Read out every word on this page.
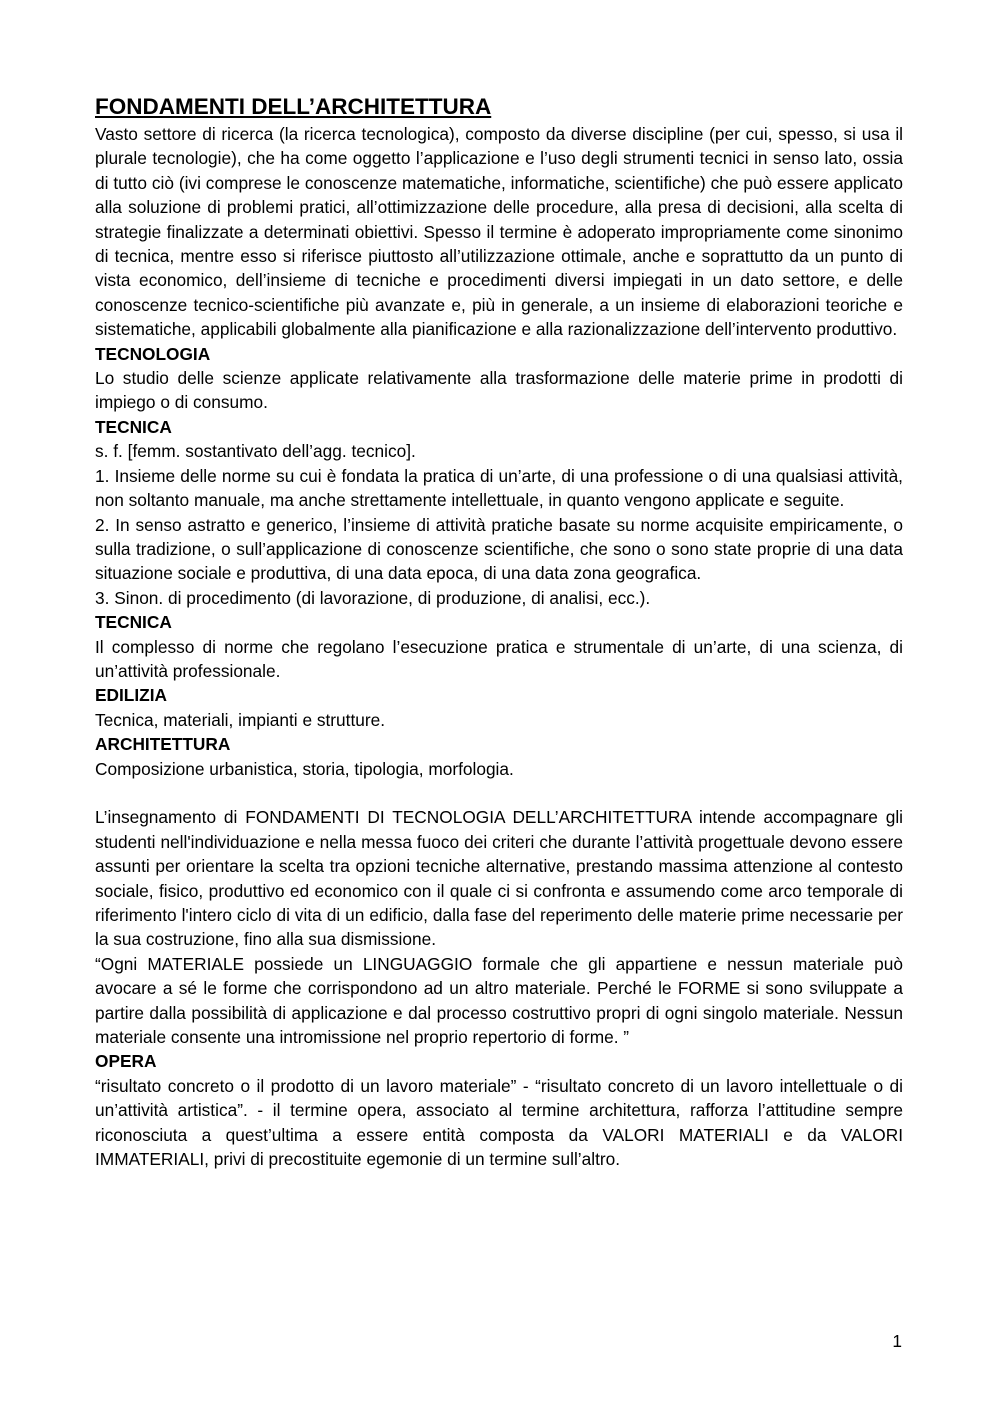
FONDAMENTI DELL’ARCHITETTURA

Vasto settore di ricerca (la ricerca tecnologica), composto da diverse discipline (per cui, spesso, si usa il plurale tecnologie), che ha come oggetto l’applicazione e l’uso degli strumenti tecnici in senso lato, ossia di tutto ciò (ivi comprese le conoscenze matematiche, informatiche, scientifiche) che può essere applicato alla soluzione di problemi pratici, all’ottimizzazione delle procedure, alla presa di decisioni, alla scelta di strategie finalizzate a determinati obiettivi. Spesso il termine è adoperato impropriamente come sinonimo di tecnica, mentre esso si riferisce piuttosto all’utilizzazione ottimale, anche e soprattutto da un punto di vista economico, dell’insieme di tecniche e procedimenti diversi impiegati in un dato settore, e delle conoscenze tecnico-scientifiche più avanzate e, più in generale, a un insieme di elaborazioni teoriche e sistematiche, applicabili globalmente alla pianificazione e alla razionalizzazione dell’intervento produttivo.

TECNOLOGIA

Lo studio delle scienze applicate relativamente alla trasformazione delle materie prime in prodotti di impiego o di consumo.

TECNICA

s. f. [femm. sostantivato dell’agg. tecnico].

1. Insieme delle norme su cui è fondata la pratica di un’arte, di una professione o di una qualsiasi attività, non soltanto manuale, ma anche strettamente intellettuale, in quanto vengono applicate e seguite.

2. In senso astratto e generico, l’insieme di attività pratiche basate su norme acquisite empiricamente, o sulla tradizione, o sull’applicazione di conoscenze scientifiche, che sono o sono state proprie di una data situazione sociale e produttiva, di una data epoca, di una data zona geografica.

3. Sinon. di procedimento (di lavorazione, di produzione, di analisi, ecc.).

TECNICA

Il complesso di norme che regolano l’esecuzione pratica e strumentale di un’arte, di una scienza, di un’attività professionale.

EDILIZIA

Tecnica, materiali, impianti e strutture.

ARCHITETTURA

Composizione urbanistica, storia, tipologia, morfologia.

L’insegnamento di FONDAMENTI DI TECNOLOGIA DELL’ARCHITETTURA intende accompagnare gli studenti nell'individuazione e nella messa fuoco dei criteri che durante l’attività progettuale devono essere assunti per orientare la scelta tra opzioni tecniche alternative, prestando massima attenzione al contesto sociale, fisico, produttivo ed economico con il quale ci si confronta e assumendo come arco temporale di riferimento l'intero ciclo di vita di un edificio, dalla fase del reperimento delle materie prime necessarie per la sua costruzione, fino alla sua dismissione.

“Ogni MATERIALE possiede un LINGUAGGIO formale che gli appartiene e nessun materiale può avocare a sé le forme che corrispondono ad un altro materiale. Perché le FORME si sono sviluppate a partire dalla possibilità di applicazione e dal processo costruttivo propri di ogni singolo materiale. Nessun materiale consente una intromissione nel proprio repertorio di forme. ”

OPERA

“risultato concreto o il prodotto di un lavoro materiale” - “risultato concreto di un lavoro intellettuale o di un’attività artistica”. - il termine opera, associato al termine architettura, rafforza l’attitudine sempre riconosciuta a quest’ultima a essere entità composta da VALORI MATERIALI e da VALORI IMMATERIALI, privi di precostituite egemonie di un termine sull’altro.

1
